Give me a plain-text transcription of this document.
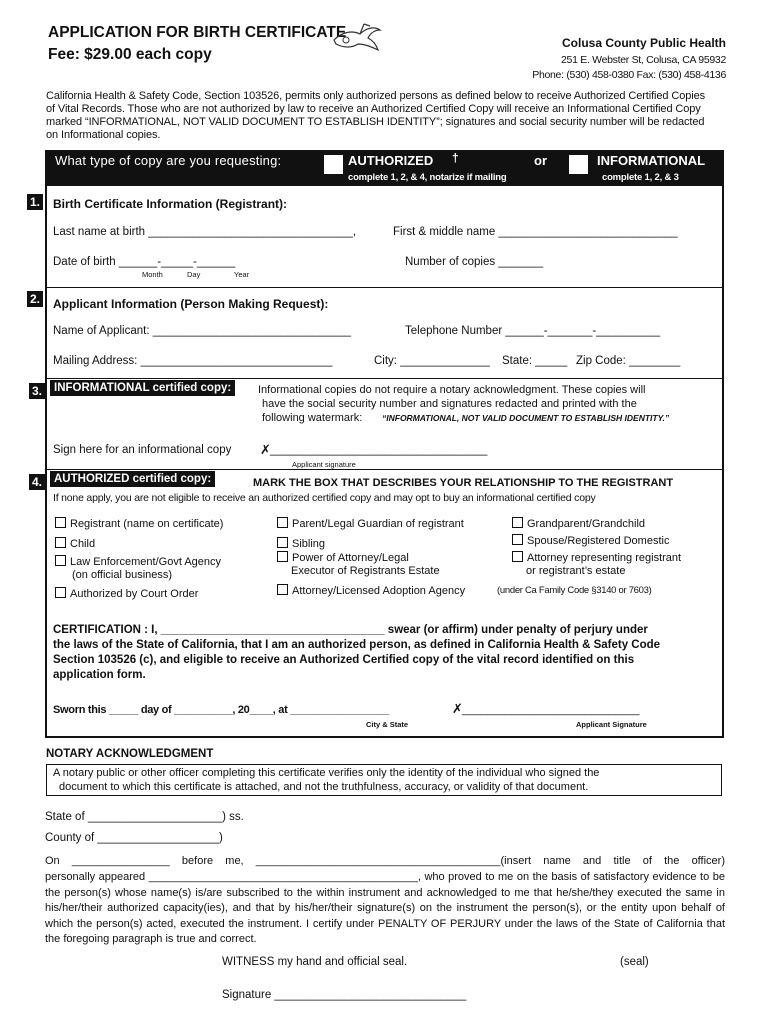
APPLICATION FOR BIRTH CERTIFICATE
Fee: $29.00 each copy
Colusa County Public Health
251 E. Webster St, Colusa, CA 95932
Phone: (530) 458-0380 Fax: (530) 458-4136
California Health & Safety Code, Section 103526, permits only authorized persons as defined below to receive Authorized Certified Copies of Vital Records. Those who are not authorized by law to receive an Authorized Certified Copy will receive an Informational Certified Copy marked “INFORMATIONAL, NOT VALID DOCUMENT TO ESTABLISH IDENTITY”; signatures and social security number will be redacted on Informational copies.
What type of copy are you requesting:	AUTHORIZED †
complete 1, 2, & 4, notarize if mailing
or	INFORMATIONAL
complete 1, 2, & 3
1. Birth Certificate Information (Registrant):
Last name at birth ________________________________,	First & middle name ____________________________
Date of birth ______-_____-______
Month	Day	Year
Number of copies _______
2. Applicant Information (Person Making Request):
Name of Applicant: _______________________________	Telephone Number ______-_______-__________
Mailing Address: ______________________________	City: ______________ State: _____ Zip Code: ________
3.	INFORMATIONAL certified copy:	Informational copies do not require a notary acknowledgment. These copies will
have the social security number and signatures redacted and printed with the
following watermark: “INFORMATIONAL, NOT VALID DOCUMENT TO ESTABLISH IDENTITY.”
Sign here for an informational copy ✗ __________________________________
Applicant signature
4.	AUTHORIZED certified copy:	MARK THE BOX THAT DESCRIBES YOUR RELATIONSHIP TO THE REGISTRANT
If none apply, you are not eligible to receive an authorized certified copy and may opt to buy an informational certified copy
Registrant (name on certificate)
Child
Law Enforcement/Govt Agency
(on official business)
Authorized by Court Order
Parent/Legal Guardian of registrant
Sibling
Power of Attorney/Legal
Executor of Registrants Estate
Attorney/Licensed Adoption Agency	(under Ca Family Code §3140 or 7603)
Grandparent/Grandchild
Spouse/Registered Domestic
Attorney representing registrant
or registrant’s estate
CERTIFICATION : I, ___________________________________ swear (or affirm) under penalty of perjury under
the laws of the State of California, that I am an authorized person, as defined in California Health & Safety Code
Section 103526 (c), and eligible to receive an Authorized Certified copy of the vital record identified on this
application form.
Sworn this _____ day of __________, 20____, at _________________	✗ _____________________________
City & State	Applicant Signature
NOTARY ACKNOWLEDGMENT
A notary public or other officer completing this certificate verifies only the identity of the individual who signed the
document to which this certificate is attached, and not the truthfulness, accuracy, or validity of that document.
State of _____________________) ss.
County of ___________________)
On ________________ before me, ________________________________________(insert name and title of the officer)
personally appeared ____________________________________________, who proved to me on the basis of satisfactory evidence to be the person(s) whose name(s) is/are subscribed to the within instrument and acknowledged to me that he/she/they executed the same in his/her/their authorized capacity(ies), and that by his/her/their signature(s) on the instrument the person(s), or the entity upon behalf of which the person(s) acted, executed the instrument. I certify under PENALTY OF PERJURY under the laws of the State of California that the foregoing paragraph is true and correct.
WITNESS my hand and official seal.	(seal)
Signature ______________________________
